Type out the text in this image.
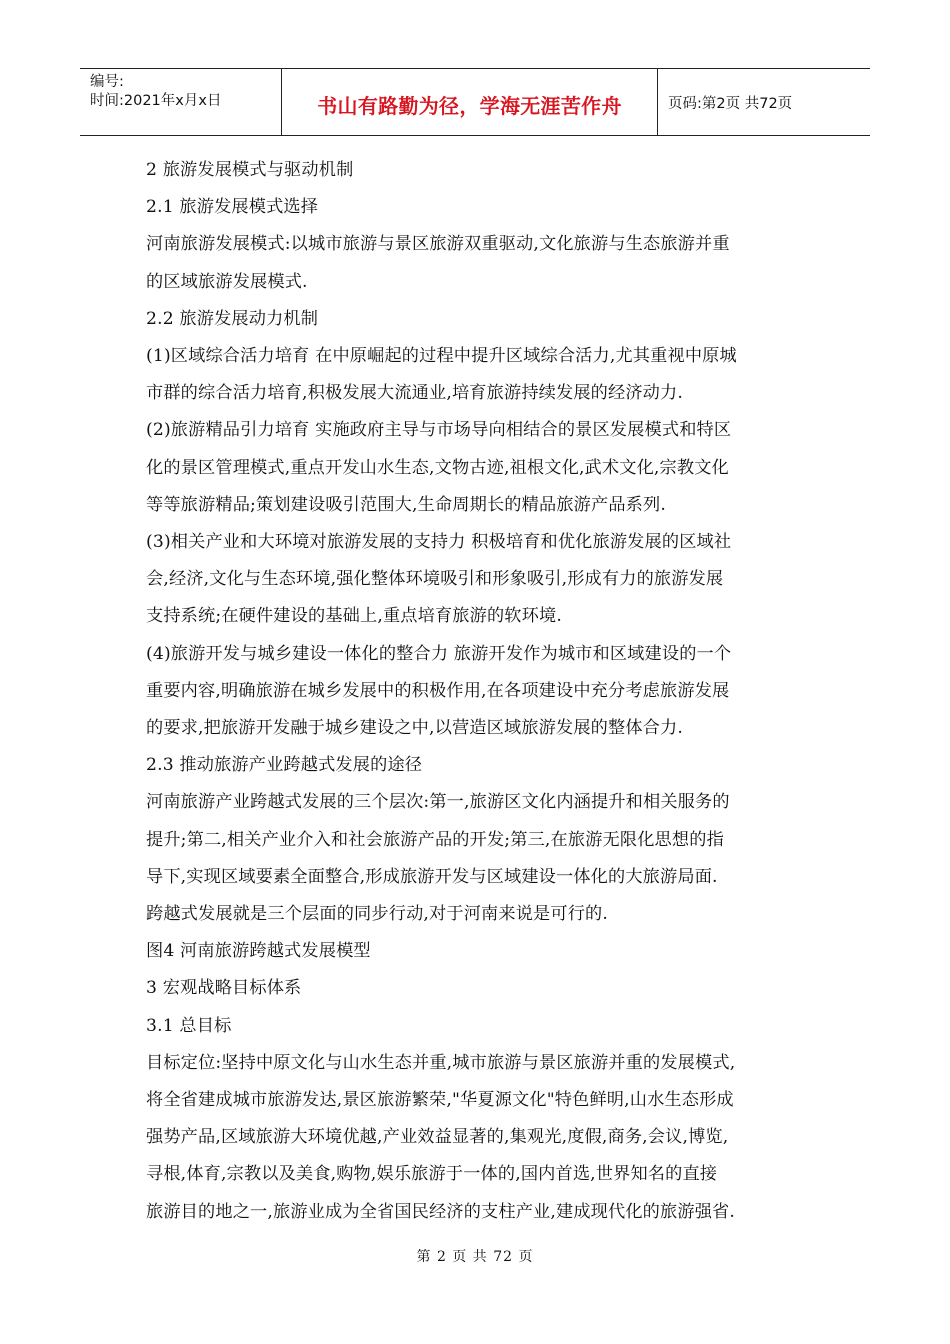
编号:
时间:2021年x月x日	书山有路勤为径，学海无涯苦作舟	页码:第2页 共72页

2 旅游发展模式与驱动机制

2.1 旅游发展模式选择

河南旅游发展模式:以城市旅游与景区旅游双重驱动,文化旅游与生态旅游并重

的区域旅游发展模式.

2.2 旅游发展动力机制

(1)区域综合活力培育 在中原崛起的过程中提升区域综合活力,尤其重视中原城

市群的综合活力培育,积极发展大流通业,培育旅游持续发展的经济动力.

(2)旅游精品引力培育 实施政府主导与市场导向相结合的景区发展模式和特区

化的景区管理模式,重点开发山水生态,文物古迹,祖根文化,武术文化,宗教文化

等等旅游精品;策划建设吸引范围大,生命周期长的精品旅游产品系列.

(3)相关产业和大环境对旅游发展的支持力 积极培育和优化旅游发展的区域社

会,经济,文化与生态环境,强化整体环境吸引和形象吸引,形成有力的旅游发展

支持系统;在硬件建设的基础上,重点培育旅游的软环境.

(4)旅游开发与城乡建设一体化的整合力 旅游开发作为城市和区域建设的一个

重要内容,明确旅游在城乡发展中的积极作用,在各项建设中充分考虑旅游发展

的要求,把旅游开发融于城乡建设之中,以营造区域旅游发展的整体合力.

2.3 推动旅游产业跨越式发展的途径

河南旅游产业跨越式发展的三个层次:第一,旅游区文化内涵提升和相关服务的

提升;第二,相关产业介入和社会旅游产品的开发;第三,在旅游无限化思想的指

导下,实现区域要素全面整合,形成旅游开发与区域建设一体化的大旅游局面.

跨越式发展就是三个层面的同步行动,对于河南来说是可行的.

图4 河南旅游跨越式发展模型

3 宏观战略目标体系

3.1 总目标

目标定位:坚持中原文化与山水生态并重,城市旅游与景区旅游并重的发展模式,

将全省建成城市旅游发达,景区旅游繁荣,"华夏源文化"特色鲜明,山水生态形成

强势产品,区域旅游大环境优越,产业效益显著的,集观光,度假,商务,会议,博览,

寻根,体育,宗教以及美食,购物,娱乐旅游于一体的,国内首选,世界知名的直接

旅游目的地之一,旅游业成为全省国民经济的支柱产业,建成现代化的旅游强省.

第 2 页 共 72 页
